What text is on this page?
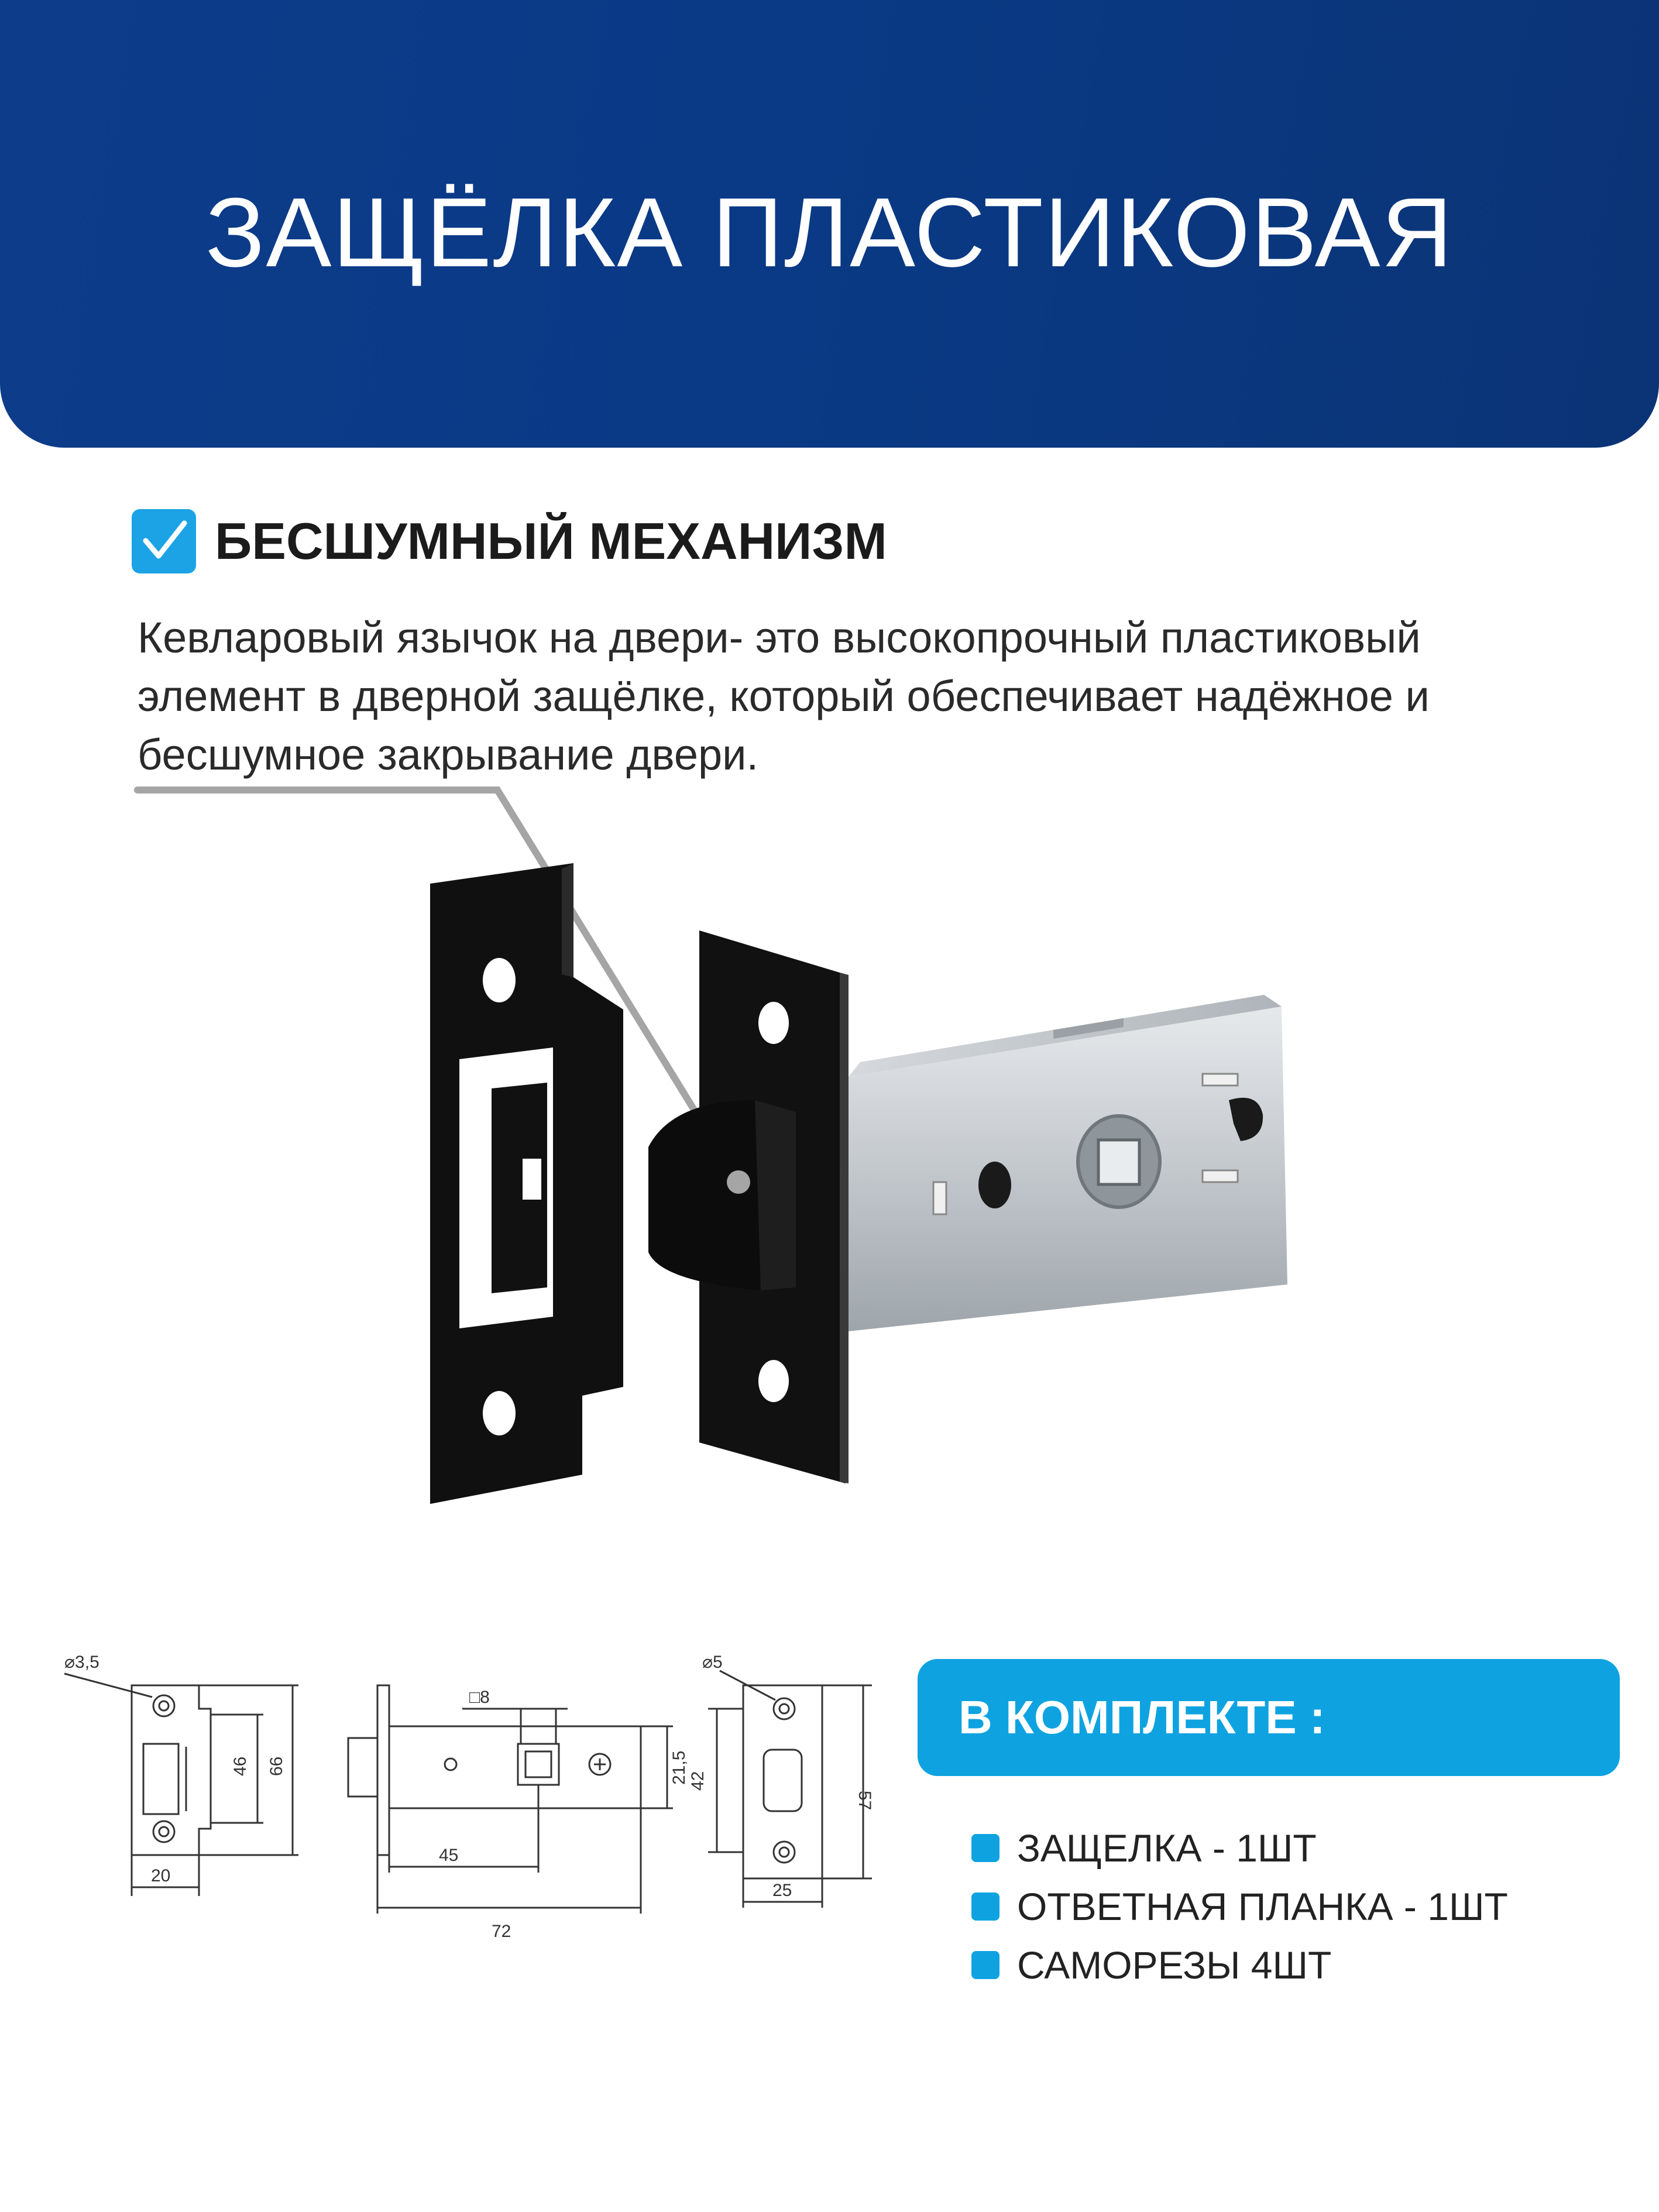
ЗАЩЁЛКА ПЛАСТИКОВАЯ
БЕСШУМНЫЙ МЕХАНИЗМ
Кевларовый язычок на двери- это высокопрочный пластиковый
элемент в дверной защёлке, который обеспечивает надёжное и
бесшумное закрывание двери.
⌀3,5
46 66
20
□8
21,5
45
72
⌀5
42
57
25
В КОМПЛЕКТЕ :
ЗАЩЕЛКА - 1ШТ
ОТВЕТНАЯ ПЛАНКА - 1ШТ
САМОРЕЗЫ 4ШТ
